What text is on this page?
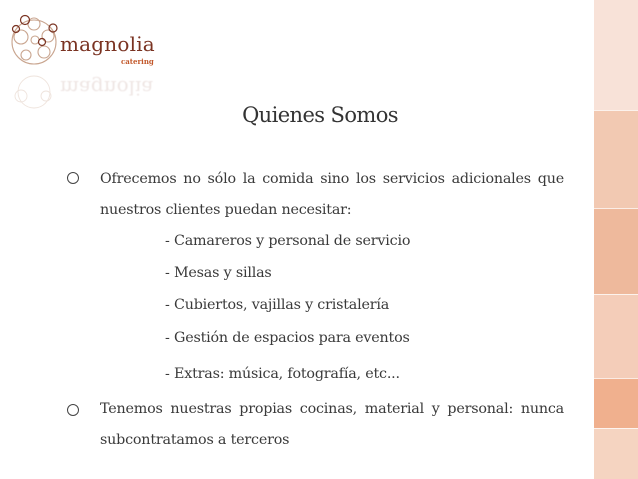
magnolia
catering
magnolia
Quienes Somos
Ofrecemos no sólo la comida sino los servicios adicionales que
nuestros clientes puedan necesitar:
- Camareros y personal de servicio
- Mesas y sillas
- Cubiertos, vajillas y cristalería
- Gestión de espacios para eventos
- Extras: música, fotografía, etc...
Tenemos nuestras propias cocinas, material y personal: nunca
subcontratamos a terceros
